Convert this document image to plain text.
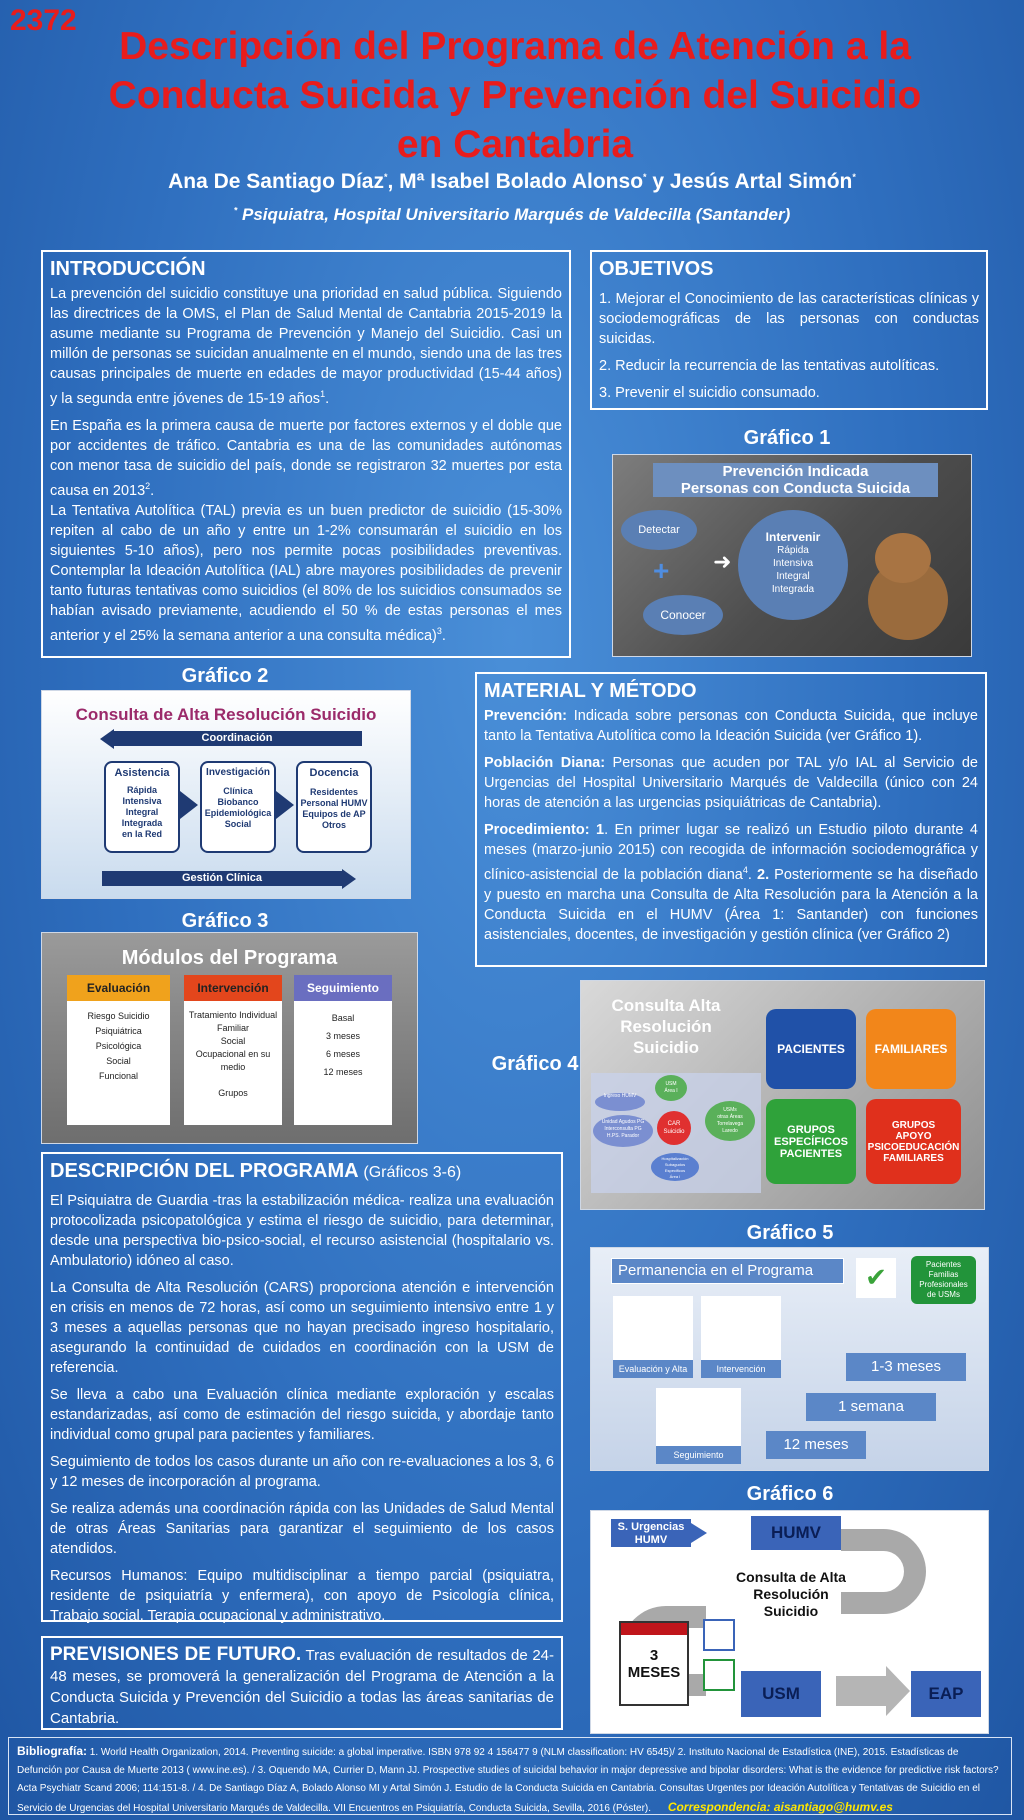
2372
Descripción del Programa de Atención a la Conducta Suicida y Prevención del Suicidio en Cantabria
Ana De Santiago Díaz*, Mª Isabel Bolado Alonso* y Jesús Artal Simón*
* Psiquiatra, Hospital Universitario Marqués de Valdecilla (Santander)
INTRODUCCIÓN

La prevención del suicidio constituye una prioridad en salud pública. Siguiendo las directrices de la OMS, el Plan de Salud Mental de Cantabria 2015-2019 la asume mediante su Programa de Prevención y Manejo del Suicidio. Casi un millón de personas se suicidan anualmente en el mundo, siendo una de las tres causas principales de muerte en edades de mayor productividad (15-44 años) y la segunda entre jóvenes de 15-19 años$^1$.

En España es la primera causa de muerte por factores externos y el doble que por accidentes de tráfico. Cantabria es una de las comunidades autónomas con menor tasa de suicidio del país, donde se registraron 32 muertes por esta causa en 2013$^2$.

La Tentativa Autolítica (TAL) previa es un buen predictor de suicidio (15-30% repiten al cabo de un año y entre un 1-2% consumarán el suicidio en los siguientes 5-10 años), pero nos permite pocas posibilidades preventivas. Contemplar la Ideación Autolítica (IAL) abre mayores posibilidades de prevenir tanto futuras tentativas como suicidios (el 80% de los suicidios consumados se habían avisado previamente, acudiendo el 50 % de estas personas el mes anterior y el 25% la semana anterior a una consulta médica)$^3$.

OBJETIVOS

1. Mejorar el Conocimiento de las características clínicas y sociodemográficas de las personas con conductas suicidas.

2. Reducir la recurrencia de las tentativas autolíticas.

3. Prevenir el suicidio consumado.

Gráfico 1
Prevención Indicada
Personas con Conducta Suicida
Detectar
+
Conocer
➜
Intervenir
Rápida
Intensiva
Integral
Integrada
Gráfico 2
Consulta de Alta Resolución Suicidio
Coordinación
Asistencia
Rápida
Intensiva
Integral
Integrada
en la Red
Investigación
Clínica
Biobanco
Epidemiológica
Social
Docencia
Residentes
Personal HUMV
Equipos de AP
Otros
Gestión Clínica
Gráfico 3
Módulos del Programa
Evaluación
Riesgo Suicidio
Psiquiátrica
Psicológica
Social
Funcional
Intervención
Tratamiento Individual
Familiar
Social
Ocupacional en su medio

Grupos
Seguimiento
Basal
3 meses
6 meses
12 meses
MATERIAL Y MÉTODO

Prevención: Indicada sobre personas con Conducta Suicida, que incluye tanto la Tentativa Autolítica como la Ideación Suicida (ver Gráfico 1).

Población Diana: Personas que acuden por TAL y/o IAL al Servicio de Urgencias del Hospital Universitario Marqués de Valdecilla (único con 24 horas de atención a las urgencias psiquiátricas de Cantabria).

Procedimiento: 1. En primer lugar se realizó un Estudio piloto durante 4 meses (marzo-junio 2015) con recogida de información sociodemográfica y clínico-asistencial de la población diana$^4$. 2. Posteriormente se ha diseñado y puesto en marcha una Consulta de Alta Resolución para la Atención a la Conducta Suicida en el HUMV (Área 1: Santander) con funciones asistenciales, docentes, de investigación y gestión clínica (ver Gráfico 2)

Gráfico 4
Consulta Alta
Resolución
Suicidio	PACIENTES	FAMILIARES
GRUPOS
ESPECÍFICOS
PACIENTES
GRUPOS
APOYO
PSICOEDUCACIÓN
FAMILIARES
Ingreso HUMV
Unidad Agudos PG
Interconsulta PG
H.PS. Parador
USM
Área I
CAR
Suicidio
USMs
otras Áreas
Torrelavega
Laredo
Hospitalización
Subagudos
Especificos
Área I
Gráfico 5
Permanencia en el Programa	✔	Pacientes
Familias
Profesionales
de USMs
Evaluación y Alta	Intervención
Seguimiento
1-3 meses
1 semana
12 meses
Gráfico 6
S. Urgencias
HUMV	HUMV
Consulta de Alta
Resolución
Suicidio
3
MESES
USM	EAP
DESCRIPCIÓN DEL PROGRAMA (Gráficos 3-6)

El Psiquiatra de Guardia -tras la estabilización médica- realiza una evaluación protocolizada psicopatológica y estima el riesgo de suicidio, para determinar, desde una perspectiva bio-psico-social, el recurso asistencial (hospitalario vs. Ambulatorio) idóneo al caso.

La Consulta de Alta Resolución (CARS) proporciona atención e intervención en crisis en menos de 72 horas, así como un seguimiento intensivo entre 1 y 3 meses a aquellas personas que no hayan precisado ingreso hospitalario, asegurando la continuidad de cuidados en coordinación con la USM de referencia.

Se lleva a cabo una Evaluación clínica mediante exploración y escalas estandarizadas, así como de estimación del riesgo suicida, y abordaje tanto individual como grupal para pacientes y familiares.

Seguimiento de todos los casos durante un año con re-evaluaciones a los 3, 6 y 12 meses de incorporación al programa.

Se realiza además una coordinación rápida con las Unidades de Salud Mental de otras Áreas Sanitarias para garantizar el seguimiento de los casos atendidos.

Recursos Humanos: Equipo multidisciplinar a tiempo parcial (psiquiatra, residente de psiquiatría y enfermera), con apoyo de Psicología clínica, Trabajo social, Terapia ocupacional y administrativo.

PREVISIONES DE FUTURO. Tras evaluación de resultados de 24-48 meses, se promoverá la generalización del Programa de Atención a la Conducta Suicida y Prevención del Suicidio a todas las áreas sanitarias de Cantabria.

Bibliografía: 1. World Health Organization, 2014. Preventing suicide: a global imperative. ISBN 978 92 4 156477 9 (NLM classification: HV 6545)/ 2. Instituto Nacional de Estadística (INE), 2015. Estadísticas de Defunción por Causa de Muerte 2013 ( www.ine.es). / 3. Oquendo MA, Currier D, Mann JJ. Prospective studies of suicidal behavior in major depressive and bipolar disorders: What is the evidence for predictive risk factors? Acta Psychiatr Scand 2006; 114:151-8. / 4. De Santiago Díaz A, Bolado Alonso MI y Artal Simón J. Estudio de la Conducta Suicida en Cantabria. Consultas Urgentes por Ideación Autolítica y Tentativas de Suicidio en el Servicio de Urgencias del Hospital Universitario Marqués de Valdecilla. VII Encuentros en Psiquiatría, Conducta Suicida, Sevilla, 2016 (Póster). Correspondencia: aisantiago@humv.es
